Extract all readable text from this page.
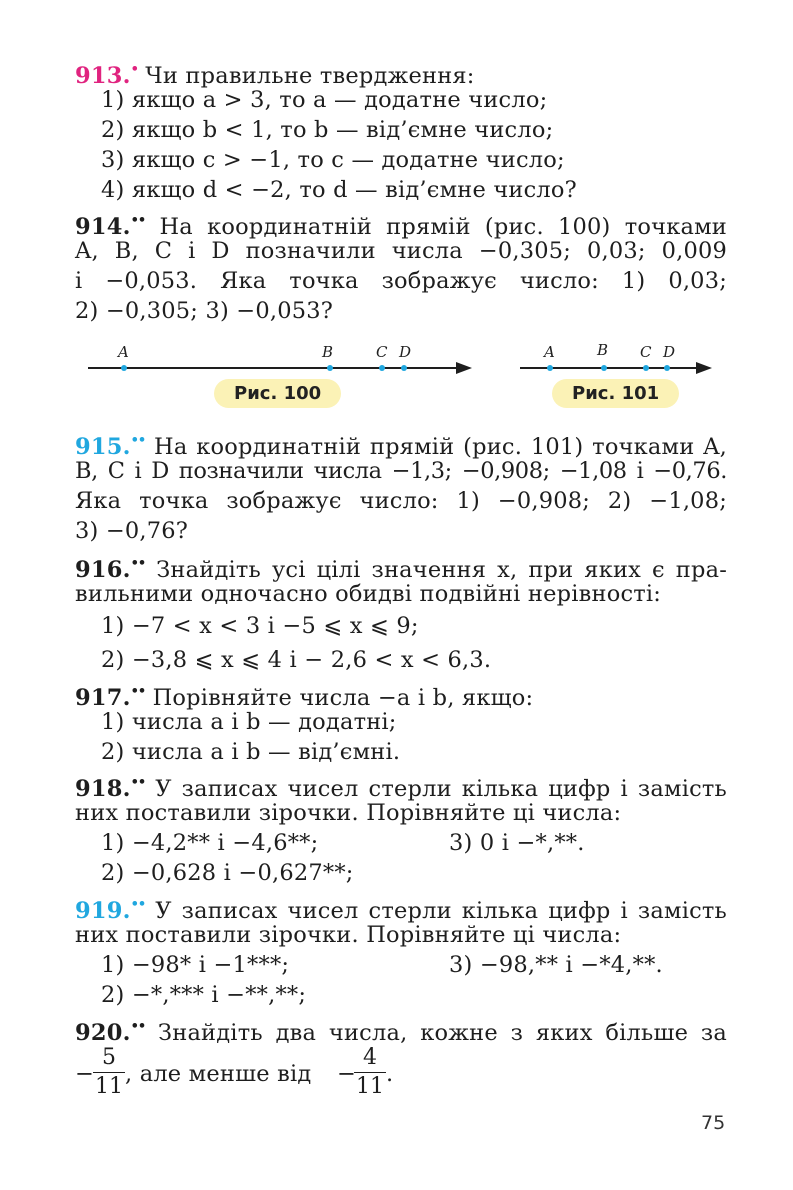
913.• Чи правильне твердження:
1) якщо a > 3, то a — додатне число;
2) якщо b < 1, то b — від’ємне число;
3) якщо c > −1, то c — додатне число;
4) якщо d < −2, то d — від’ємне число?
914.•• На координатній прямій (рис. 100) точками
A, B, C і D позначили числа −0,305; 0,03; 0,009
і −0,053. Яка точка зображує число: 1) 0,03;
2) −0,305; 3) −0,053?
A	B	C D
Рис. 100
A	B C D
Рис. 101
915.•• На координатній прямій (рис. 101) точками A,
B, C і D позначили числа −1,3; −0,908; −1,08 і −0,76.
Яка точка зображує число: 1) −0,908; 2) −1,08;
3) −0,76?
916.•• Знайдіть усі цілі значення x, при яких є пра-
вильними одночасно обидві подвійні нерівності:
1) −7 < x < 3 і −5 ⩽ x ⩽ 9;
2) −3,8 ⩽ x ⩽ 4 і − 2,6 < x < 6,3.
917.•• Порівняйте числа −a і b, якщо:
1) числа a і b — додатні;
2) числа a і b — від’ємні.
918.•• У записах чисел стерли кілька цифр і замість
них поставили зірочки. Порівняйте ці числа:
1) −4,2** і −4,6**;	3) 0 і −*,**.
2) −0,628 і −0,627**;
919.•• У записах чисел стерли кілька цифр і замість
них поставили зірочки. Порівняйте ці числа:
1) −98* і −1***;	3) −98,** і −*4,**.
2) −*,*** і −**,**;
920.•• Знайдіть два числа, кожне з яких більше за
−
5
11 , але менше від −
4
11 .
75
